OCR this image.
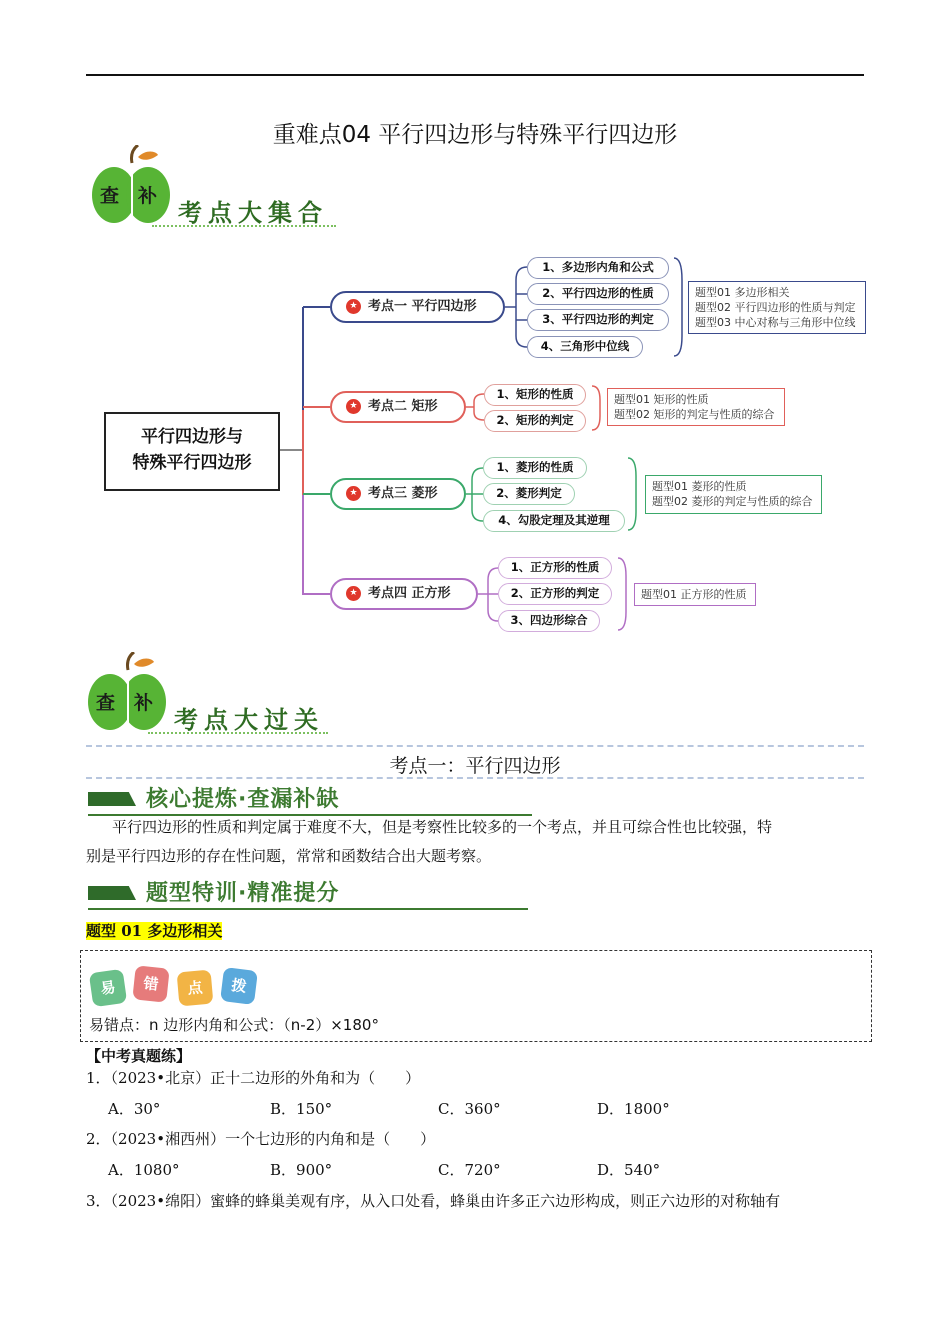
重难点04 平行四边形与特殊平行四边形
查 补
考点大集合
平行四边形与
特殊平行四边形
★ 考点一 平行四边形
1、多边形内角和公式
2、平行四边形的性质
3、平行四边形的判定
4、三角形中位线
题型01 多边形相关
题型02 平行四边形的性质与判定
题型03 中心对称与三角形中位线
★ 考点二 矩形
1、矩形的性质
2、矩形的判定
题型01 矩形的性质
题型02 矩形的判定与性质的综合
★ 考点三 菱形
1、菱形的性质
2、菱形判定
4、勾股定理及其逆理
题型01 菱形的性质
题型02 菱形的判定与性质的综合
★ 考点四 正方形
1、正方形的性质
2、正方形的判定
3、四边形综合
题型01 正方形的性质
查 补
考点大过关
考点一：平行四边形
核心提炼·查漏补缺
平行四边形的性质和判定属于难度不大，但是考察性比较多的一个考点，并且可综合性也比较强，特
别是平行四边形的存在性问题，常常和函数结合出大题考察。
题型特训·精准提分
题型 01 多边形相关
易	错	点	拨
易错点：n 边形内角和公式：（n-2）×180°
【中考真题练】
1．（2023•北京）正十二边形的外角和为（　　）
A．30°	B．150°	C．360°	D．1800°
2．（2023•湘西州）一个七边形的内角和是（　　）
A．1080°	B．900°	C．720°	D．540°
3．（2023•绵阳）蜜蜂的蜂巢美观有序，从入口处看，蜂巢由许多正六边形构成，则正六边形的对称轴有
